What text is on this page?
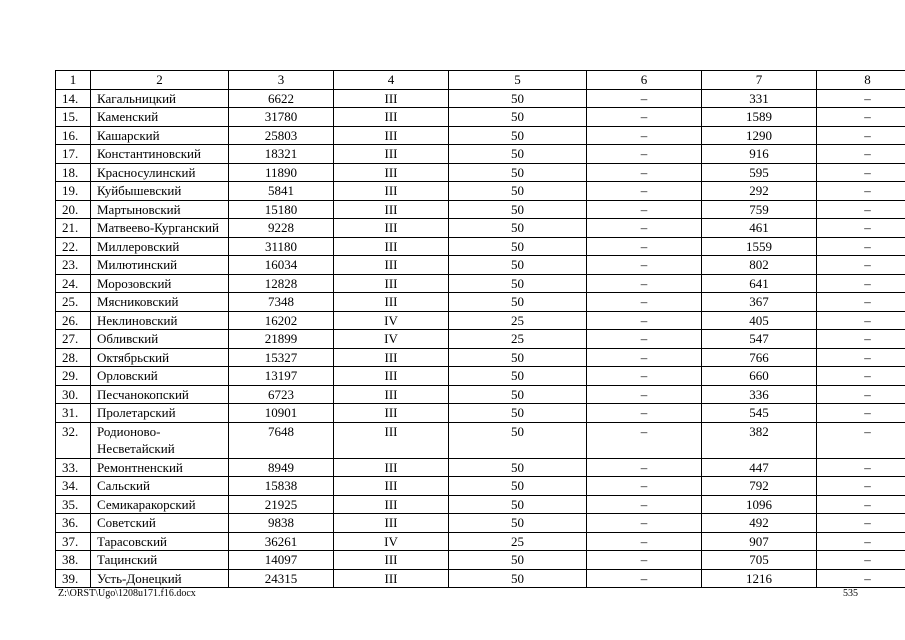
1	2	3	4	5	6	7	8
14.	Кагальницкий	6622	III	50	–	331	–
15.	Каменский	31780	III	50	–	1589	–
16.	Кашарский	25803	III	50	–	1290	–
17.	Константиновский	18321	III	50	–	916	–
18.	Красносулинский	11890	III	50	–	595	–
19.	Куйбышевский	5841	III	50	–	292	–
20.	Мартыновский	15180	III	50	–	759	–
21.	Матвеево-Курганский	9228	III	50	–	461	–
22.	Миллеровский	31180	III	50	–	1559	–
23.	Милютинский	16034	III	50	–	802	–
24.	Морозовский	12828	III	50	–	641	–
25.	Мясниковский	7348	III	50	–	367	–
26.	Неклиновский	16202	IV	25	–	405	–
27.	Обливский	21899	IV	25	–	547	–
28.	Октябрьский	15327	III	50	–	766	–
29.	Орловский	13197	III	50	–	660	–
30.	Песчанокопский	6723	III	50	–	336	–
31.	Пролетарский	10901	III	50	–	545	–
32.	Родионово-Несветайский	7648	III	50	–	382	–
33.	Ремонтненский	8949	III	50	–	447	–
34.	Сальский	15838	III	50	–	792	–
35.	Семикаракорский	21925	III	50	–	1096	–
36.	Советский	9838	III	50	–	492	–
37.	Тарасовский	36261	IV	25	–	907	–
38.	Тацинский	14097	III	50	–	705	–
39.	Усть-Донецкий	24315	III	50	–	1216	–
Z:\ORST\Ugo\1208u171.f16.docx	535
